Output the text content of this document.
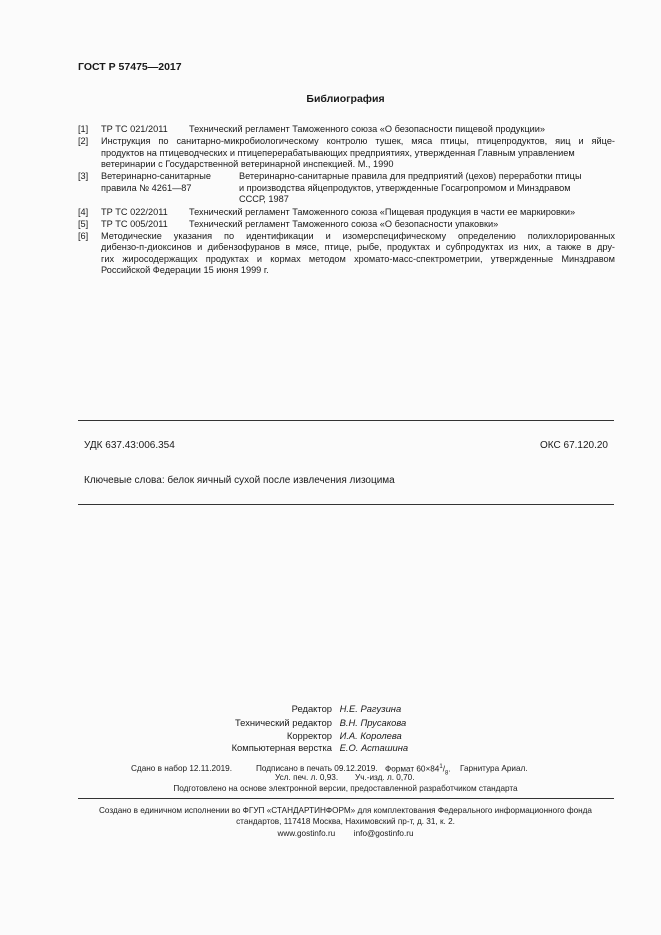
ГОСТ Р 57475—2017
Библиография
[1] ТР ТС 021/2011 Технический регламент Таможенного союза «О безопасности пищевой продукции»
[2] Инструкция по санитарно-микробиологическому контролю тушек, мяса птицы, птицепродуктов, яиц и яйце-
продуктов на птицеводческих и птицеперерабатывающих предприятиях, утвержденная Главным управлением
ветеринарии с Государственной ветеринарной инспекцией. М., 1990
[3] Ветеринарно-санитарные
правила № 4261—87
Ветеринарно-санитарные правила для предприятий (цехов) переработки птицы
и производства яйцепродуктов, утвержденные Госагропромом и Минздравом
СССР, 1987
[4] ТР ТС 022/2011 Технический регламент Таможенного союза «Пищевая продукция в части ее маркировки»
[5] ТР ТС 005/2011 Технический регламент Таможенного союза «О безопасности упаковки»
[6] Методические указания по идентификации и изомерспецифическому определению полихлорированных
дибензо-п-диоксинов и дибензофуранов в мясе, птице, рыбе, продуктах и субпродуктах из них, а также в дру-
гих жиросодержащих продуктах и кормах методом хромато-масс-спектрометрии, утвержденные Минздравом
Российской Федерации 15 июня 1999 г.
УДК 637.43:006.354	ОКС 67.120.20
Ключевые слова: белок яичный сухой после извлечения лизоцима
Редактор Н.Е. Рагузина
Технический редактор В.Н. Прусакова
Корректор И.А. Королева
Компьютерная верстка Е.О. Асташина
Сдано в набор 12.11.2019.	Подписано в печать 09.12.2019. Формат $60\times 84^1/_8$. Гарнитура Ариал.
Усл. печ. л. 0,93. Уч.-изд. л. 0,70.
Подготовлено на основе электронной версии, предоставленной разработчиком стандарта
Создано в единичном исполнении во ФГУП «СТАНДАРТИНФОРМ» для комплектования Федерального информационного фонда
стандартов, 117418 Москва, Нахимовский пр-т, д. 31, к. 2.
www.gostinfo.ru info@gostinfo.ru
